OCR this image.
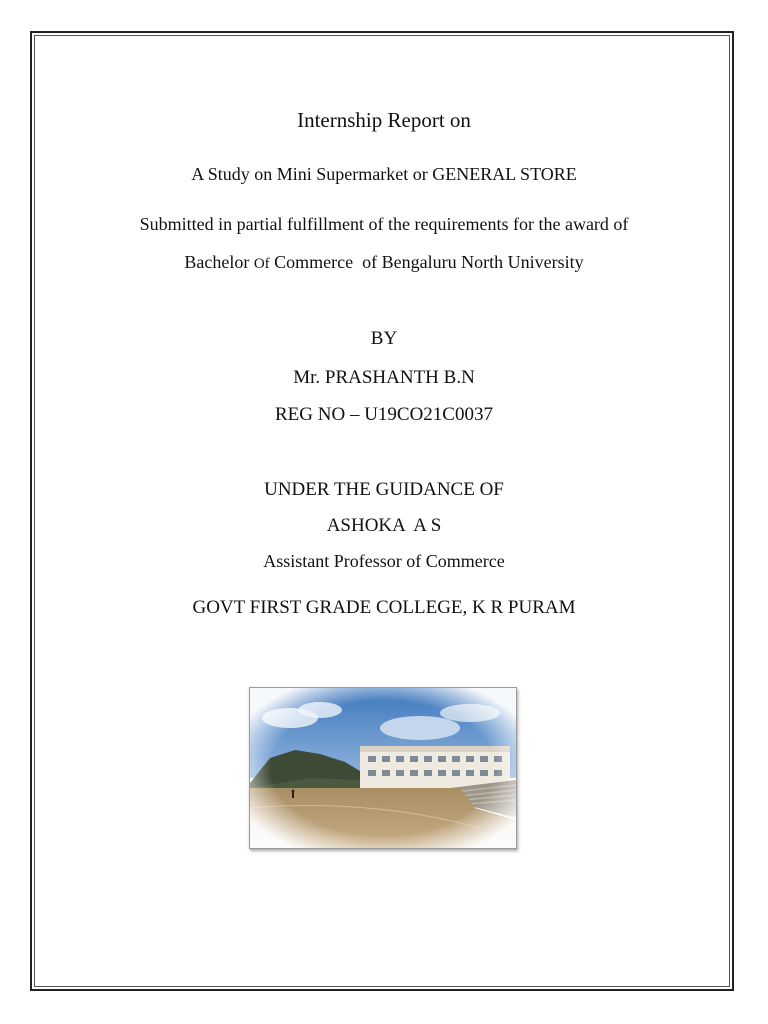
Internship Report on
A Study on Mini Supermarket or GENERAL STORE
Submitted in partial fulfillment of the requirements for the award of
Bachelor Of Commerce  of Bengaluru North University
BY
Mr. PRASHANTH B.N
REG NO – U19CO21C0037
UNDER THE GUIDANCE OF
ASHOKA  A S
Assistant Professor of Commerce
GOVT FIRST GRADE COLLEGE, K R PURAM
